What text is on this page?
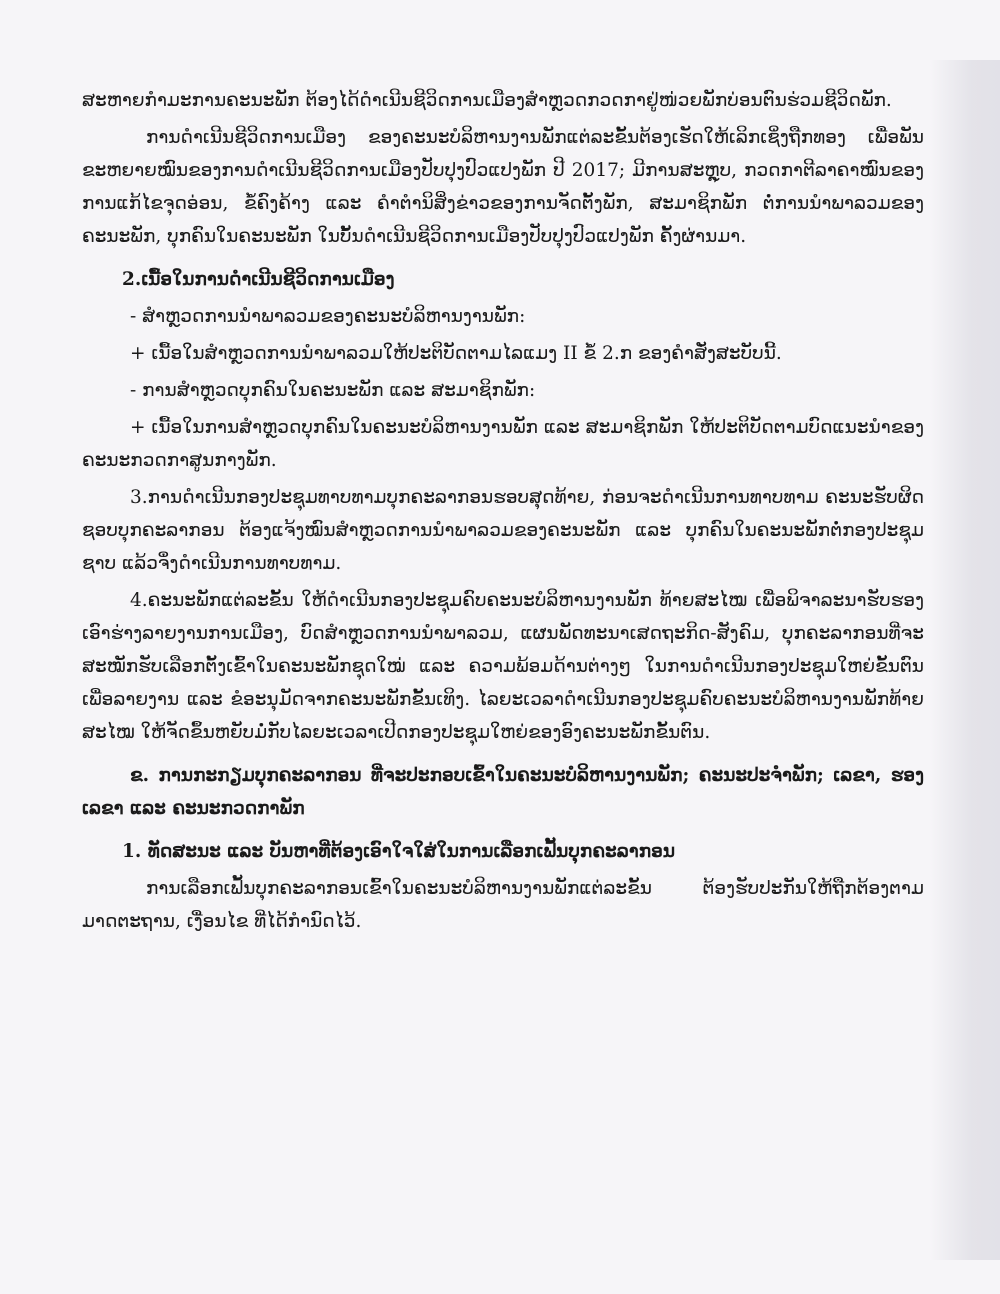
ສະຫາຍກຳມະການຄະນະພັກ ຕ້ອງໄດ້ດຳເນີນຊີວິດການເມືອງສຳຫຼວດກວດກາຢູ່ໜ່ວຍພັກບ່ອນຕົນຮ່ວມຊີວິດພັກ.

ການດຳເນີນຊີວິດການເມືອງ ຂອງຄະນະບໍລິຫານງານພັກແຕ່ລະຂັ້ນຕ້ອງເຮັດໃຫ້ເລິກເຊິ່ງຖືກທອງ ເພື່ອພັນຂະຫຍາຍໝົນຂອງການດຳເນີນຊີວິດການເມືອງປັບປຸງປົວແປງພັກ ປີ 2017; ມີການສະຫຼຸບ, ກວດກາຕີລາຄາໝົນຂອງການແກ້ໄຂຈຸດອ່ອນ, ຂໍ້ຄົງຄ້າງ ແລະ ຄຳຕຳນິສິ່ງຂ່າວຂອງການຈັດຕັ້ງພັກ, ສະມາຊິກພັກ ຕໍ່ການນຳພາລວມຂອງຄະນະພັກ, ບຸກຄົນໃນຄະນະພັກ ໃນບັ້ນດຳເນີນຊີວິດການເມືອງປັບປຸງປົວແປງພັກ ຄັ້ງຜ່ານມາ.

2.ເນື້ອໃນການດຳເນີນຊີວິດການເມືອງ

- ສຳຫຼວດການນຳພາລວມຂອງຄະນະບໍລິຫານງານພັກ:

+ ເນື້ອໃນສຳຫຼວດການນຳພາລວມໃຫ້ປະຕິບັດຕາມໄລແມງ II ຂໍ້ 2.ກ ຂອງຄຳສັ່ງສະບັບນີ້.

- ການສຳຫຼວດບຸກຄົນໃນຄະນະພັກ ແລະ ສະມາຊິກພັກ:

+ ເນື້ອໃນການສຳຫຼວດບຸກຄົນໃນຄະນະບໍລິຫານງານພັກ ແລະ ສະມາຊິກພັກ ໃຫ້ປະຕິບັດຕາມບົດແນະນຳຂອງຄະນະກວດກາສູນກາງພັກ.

3.ການດຳເນີນກອງປະຊຸມທາບທາມບຸກຄະລາກອນຮອບສຸດທ້າຍ, ກ່ອນຈະດຳເນີນການທາບທາມ ຄະນະຮັບຜິດຊອບບຸກຄະລາກອນ ຕ້ອງແຈ້ງໝົນສຳຫຼວດການນຳພາລວມຂອງຄະນະພັກ ແລະ ບຸກຄົນໃນຄະນະພັກຕໍ່ກອງປະຊຸມຊາບ ແລ້ວຈຶ່ງດຳເນີນການທາບທາມ.

4.ຄະນະພັກແຕ່ລະຂັ້ນ ໃຫ້ດຳເນີນກອງປະຊຸມຄົບຄະນະບໍລິຫານງານພັກ ທ້າຍສະໄໝ ເພື່ອພິຈາລະນາຮັບຮອງເອົາຮ່າງລາຍງານການເມືອງ, ບົດສຳຫຼວດການນຳພາລວມ, ແຜນພັດທະນາເສດຖະກິດ-ສັງຄົມ, ບຸກຄະລາກອນທີ່ຈະສະໝັກຮັບເລືອກຕັ້ງເຂົ້າໃນຄະນະພັກຊຸດໃໝ່ ແລະ ຄວາມພ້ອມດ້ານຕ່າງໆ ໃນການດຳເນີນກອງປະຊຸມໃຫຍ່ຂັ້ນຕົນ ເພື່ອລາຍງານ ແລະ ຂໍອະນຸມັດຈາກຄະນະພັກຂັ້ນເທິງ. ໄລຍະເວລາດຳເນີນກອງປະຊຸມຄົບຄະນະບໍລິຫານງານພັກທ້າຍສະໄໝ ໃຫ້ຈັດຂຶ້ນຫຍັບມໍ່ກັບໄລຍະເວລາເປີດກອງປະຊຸມໃຫຍ່ຂອງອົງຄະນະພັກຂັ້ນຕົນ.

ຂ. ການກະກຽມບຸກຄະລາກອນ ທີ່ຈະປະກອບເຂົ້າໃນຄະນະບໍລິຫານງານພັກ; ຄະນະປະຈຳພັກ; ເລຂາ, ຮອງເລຂາ ແລະ ຄະນະກວດກາພັກ

1. ທັດສະນະ ແລະ ບັນຫາທີ່ຕ້ອງເອົາໃຈໃສ່ໃນການເລືອກເຟັ້ນບຸກຄະລາກອນ

ການເລືອກເຟັ້ນບຸກຄະລາກອນເຂົ້າໃນຄະນະບໍລິຫານງານພັກແຕ່ລະຂັ້ນ ຕ້ອງຮັບປະກັນໃຫ້ຖືກຕ້ອງຕາມມາດຕະຖານ, ເງື່ອນໄຂ ທີ່ໄດ້ກຳນົດໄວ້.
